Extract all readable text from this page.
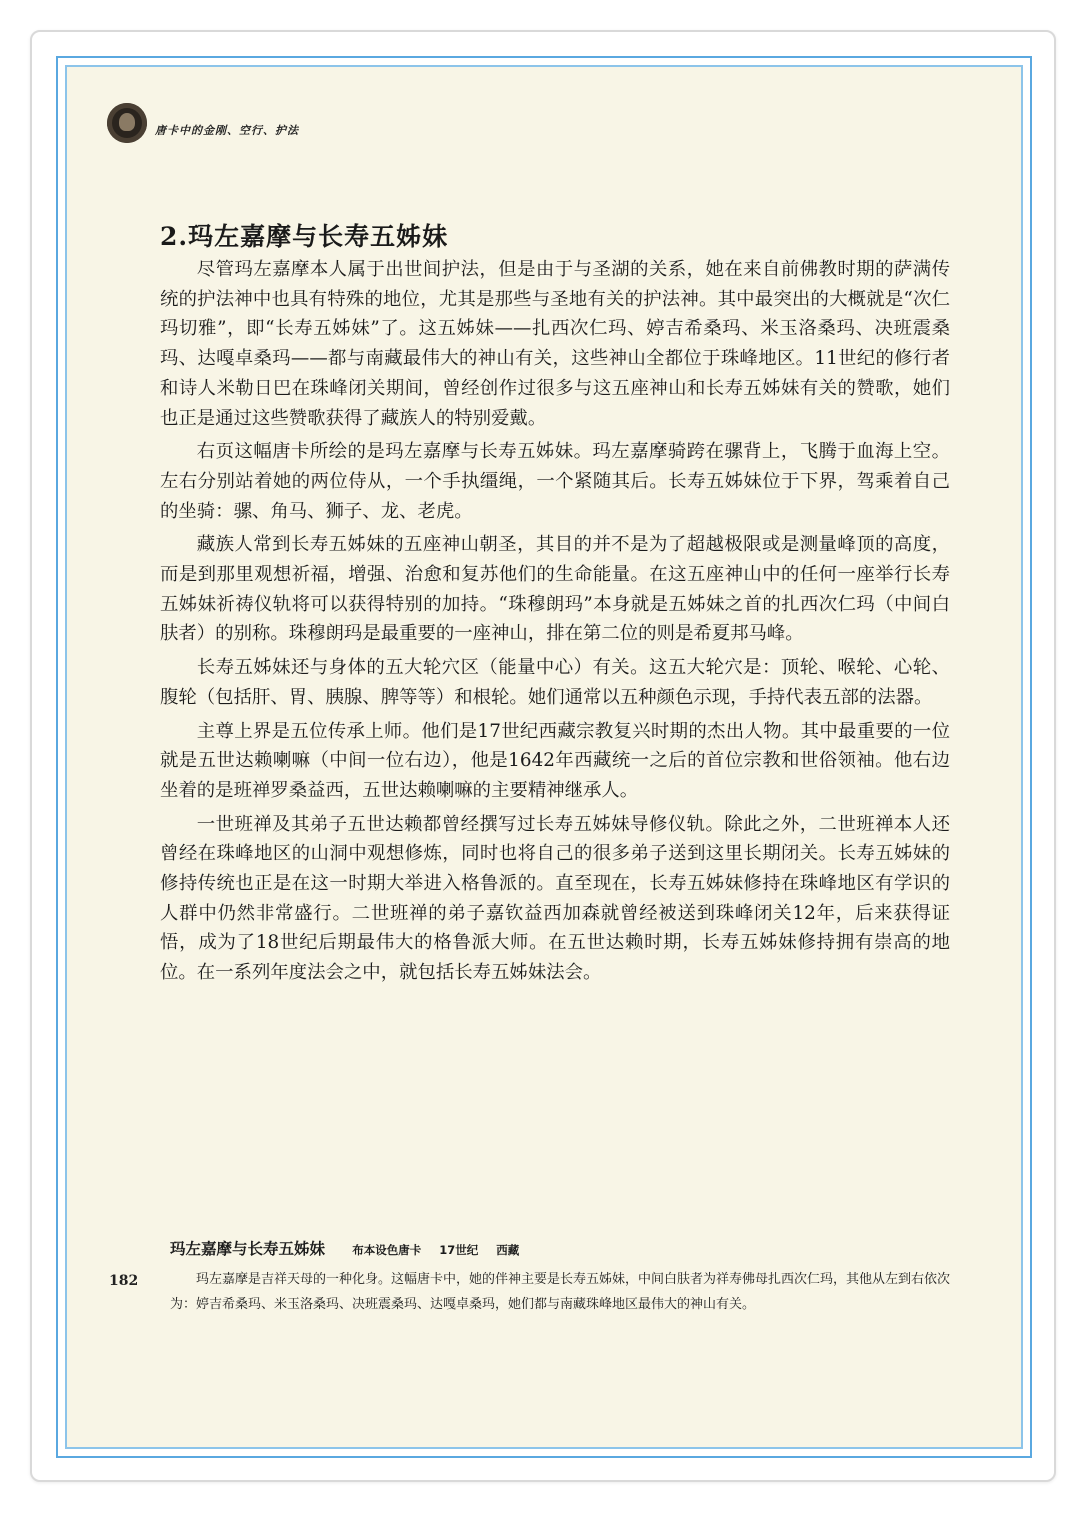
唐卡中的金刚、空行、护法
2.玛左嘉摩与长寿五姊妹

尽管玛左嘉摩本人属于出世间护法，但是由于与圣湖的关系，她在来自前佛教时期的萨满传统的护法神中也具有特殊的地位，尤其是那些与圣地有关的护法神。其中最突出的大概就是“次仁玛切雅”，即“长寿五姊妹”了。这五姊妹——扎西次仁玛、婷吉希桑玛、米玉洛桑玛、决班震桑玛、达嘎卓桑玛——都与南藏最伟大的神山有关，这些神山全都位于珠峰地区。11世纪的修行者和诗人米勒日巴在珠峰闭关期间，曾经创作过很多与这五座神山和长寿五姊妹有关的赞歌，她们也正是通过这些赞歌获得了藏族人的特别爱戴。

右页这幅唐卡所绘的是玛左嘉摩与长寿五姊妹。玛左嘉摩骑跨在骡背上，飞腾于血海上空。左右分别站着她的两位侍从，一个手执缰绳，一个紧随其后。长寿五姊妹位于下界，驾乘着自己的坐骑：骡、角马、狮子、龙、老虎。

藏族人常到长寿五姊妹的五座神山朝圣，其目的并不是为了超越极限或是测量峰顶的高度，而是到那里观想祈福，增强、治愈和复苏他们的生命能量。在这五座神山中的任何一座举行长寿五姊妹祈祷仪轨将可以获得特别的加持。“珠穆朗玛”本身就是五姊妹之首的扎西次仁玛（中间白肤者）的别称。珠穆朗玛是最重要的一座神山，排在第二位的则是希夏邦马峰。

长寿五姊妹还与身体的五大轮穴区（能量中心）有关。这五大轮穴是：顶轮、喉轮、心轮、腹轮（包括肝、胃、胰腺、脾等等）和根轮。她们通常以五种颜色示现，手持代表五部的法器。

主尊上界是五位传承上师。他们是17世纪西藏宗教复兴时期的杰出人物。其中最重要的一位就是五世达赖喇嘛（中间一位右边），他是1642年西藏统一之后的首位宗教和世俗领袖。他右边坐着的是班禅罗桑益西，五世达赖喇嘛的主要精神继承人。

一世班禅及其弟子五世达赖都曾经撰写过长寿五姊妹导修仪轨。除此之外，二世班禅本人还曾经在珠峰地区的山洞中观想修炼，同时也将自己的很多弟子送到这里长期闭关。长寿五姊妹的修持传统也正是在这一时期大举进入格鲁派的。直至现在，长寿五姊妹修持在珠峰地区有学识的人群中仍然非常盛行。二世班禅的弟子嘉钦益西加森就曾经被送到珠峰闭关12年，后来获得证悟，成为了18世纪后期最伟大的格鲁派大师。在五世达赖时期，长寿五姊妹修持拥有崇高的地位。在一系列年度法会之中，就包括长寿五姊妹法会。

玛左嘉摩与长寿五姊妹 布本设色唐卡 17世纪 西藏

玛左嘉摩是吉祥天母的一种化身。这幅唐卡中，她的伴神主要是长寿五姊妹，中间白肤者为祥寿佛母扎西次仁玛，其他从左到右依次为：婷吉希桑玛、米玉洛桑玛、决班震桑玛、达嘎卓桑玛，她们都与南藏珠峰地区最伟大的神山有关。

182
